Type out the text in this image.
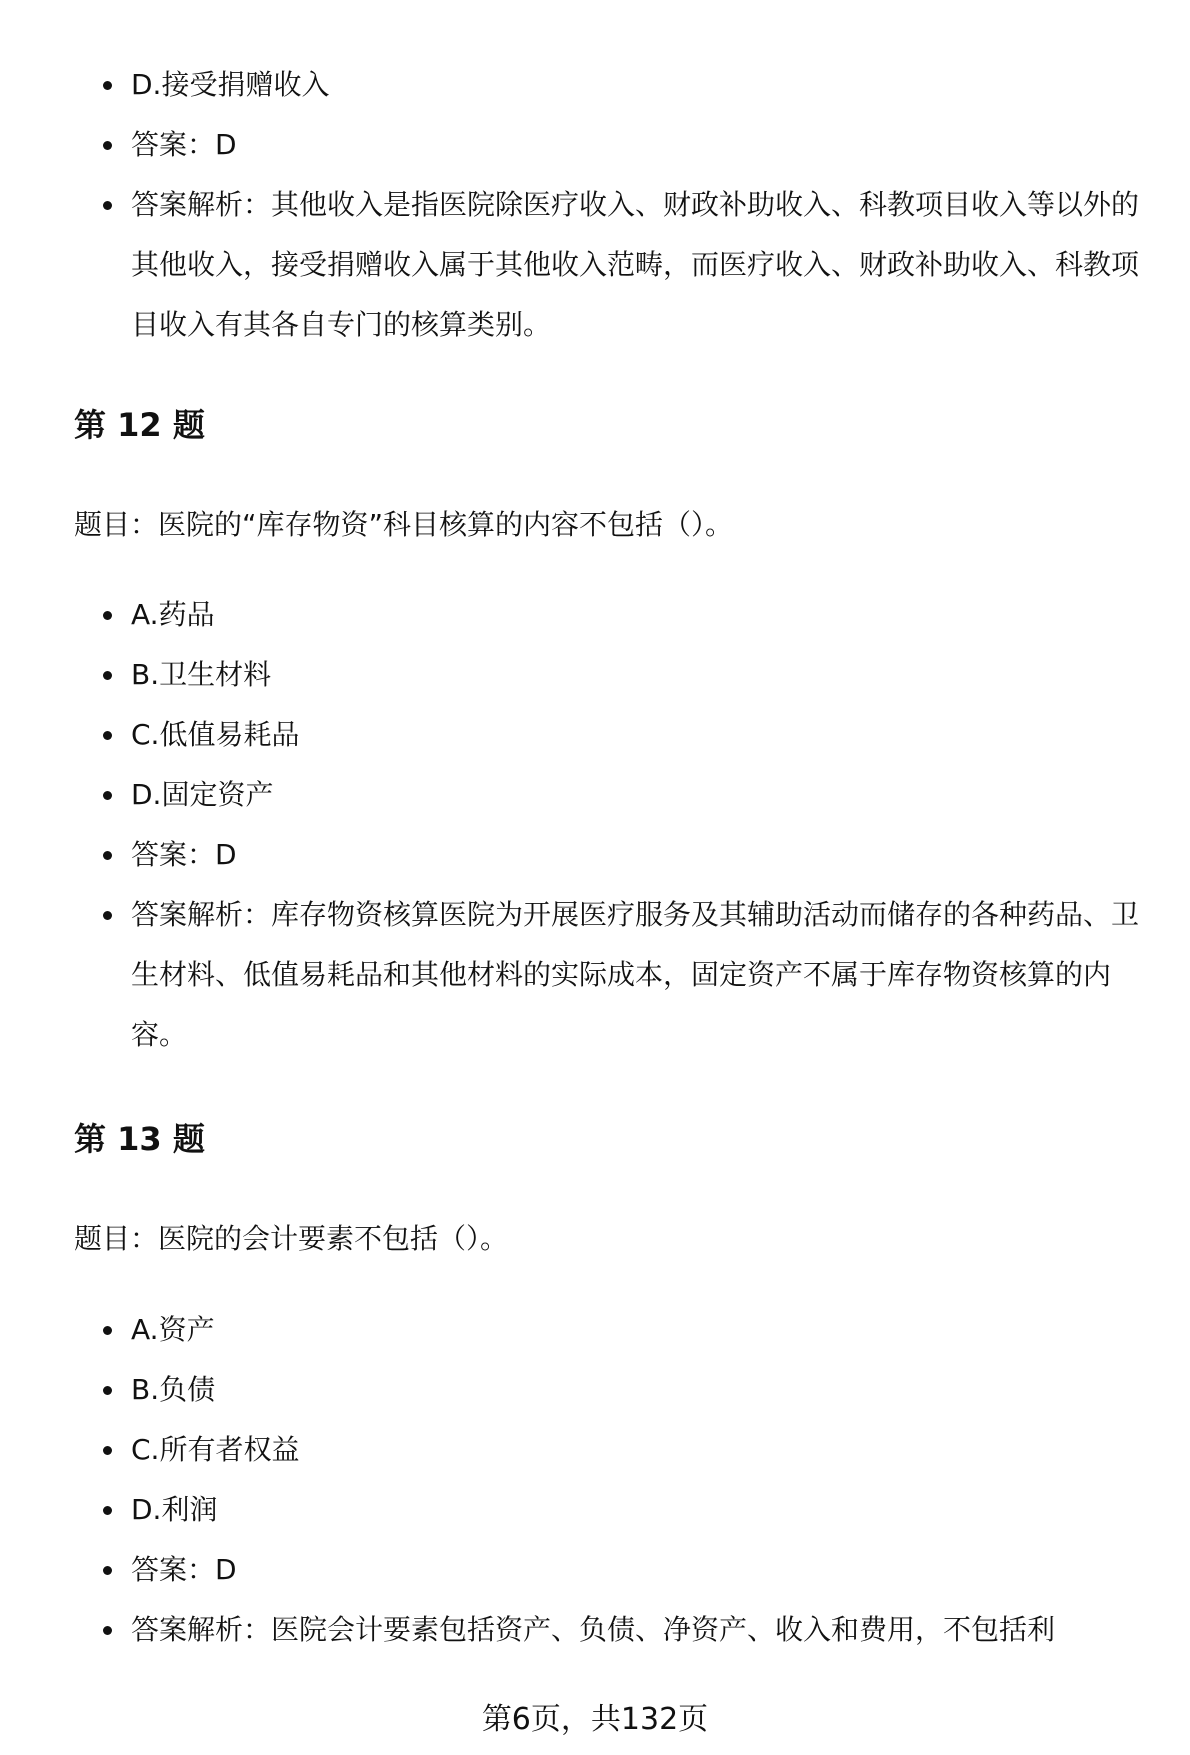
D.接受捐赠收入
答案：D
答案解析：其他收入是指医院除医疗收入、财政补助收入、科教项目收入等以外的其他收入，接受捐赠收入属于其他收入范畴，而医疗收入、财政补助收入、科教项目收入有其各自专门的核算类别。
第 12 题
题目：医院的“库存物资”科目核算的内容不包括（）。
A.药品
B.卫生材料
C.低值易耗品
D.固定资产
答案：D
答案解析：库存物资核算医院为开展医疗服务及其辅助活动而储存的各种药品、卫生材料、低值易耗品和其他材料的实际成本，固定资产不属于库存物资核算的内容。
第 13 题
题目：医院的会计要素不包括（）。
A.资产
B.负债
C.所有者权益
D.利润
答案：D
答案解析：医院会计要素包括资产、负债、净资产、收入和费用，不包括利
第6页，共132页
